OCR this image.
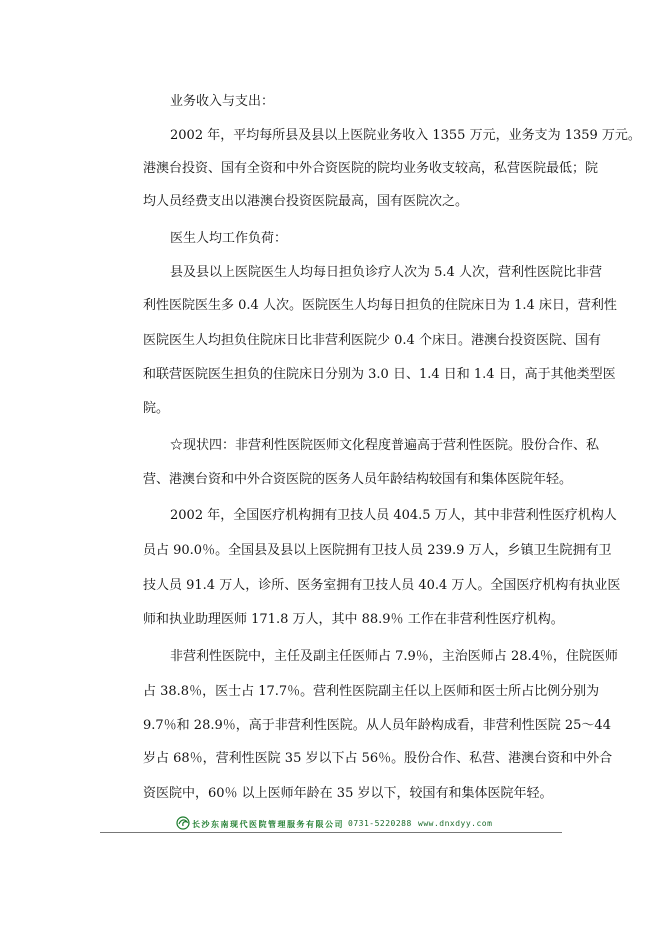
业务收入与支出：
2002 年，平均每所县及县以上医院业务收入 1355 万元，业务支为 1359 万元。
港澳台投资、国有全资和中外合资医院的院均业务收支较高，私营医院最低；院
均人员经费支出以港澳台投资医院最高，国有医院次之。
医生人均工作负荷：
县及县以上医院医生人均每日担负诊疗人次为 5.4 人次，营利性医院比非营
利性医院医生多 0.4 人次。医院医生人均每日担负的住院床日为 1.4 床日，营利性
医院医生人均担负住院床日比非营利医院少 0.4 个床日。港澳台投资医院、国有
和联营医院医生担负的住院床日分别为 3.0 日、1.4 日和 1.4 日，高于其他类型医
院。
☆现状四：非营利性医院医师文化程度普遍高于营利性医院。股份合作、私
营、港澳台资和中外合资医院的医务人员年龄结构较国有和集体医院年轻。
2002 年，全国医疗机构拥有卫技人员 404.5 万人，其中非营利性医疗机构人
员占 90.0％。全国县及县以上医院拥有卫技人员 239.9 万人，乡镇卫生院拥有卫
技人员 91.4 万人，诊所、医务室拥有卫技人员 40.4 万人。全国医疗机构有执业医
师和执业助理医师 171.8 万人，其中 88.9％ 工作在非营利性医疗机构。
非营利性医院中，主任及副主任医师占 7.9％，主治医师占 28.4％，住院医师
占 38.8％，医士占 17.7％。营利性医院副主任以上医师和医士所占比例分别为
9.7％和 28.9％，高于非营利性医院。从人员年龄构成看，非营利性医院 25～44
岁占 68％，营利性医院 35 岁以下占 56％。股份合作、私营、港澳台资和中外合
资医院中，60％ 以上医师年龄在 35 岁以下，较国有和集体医院年轻。
长沙东南现代医院管理服务有限公司 0731-5220288 www.dnxdyy.com
